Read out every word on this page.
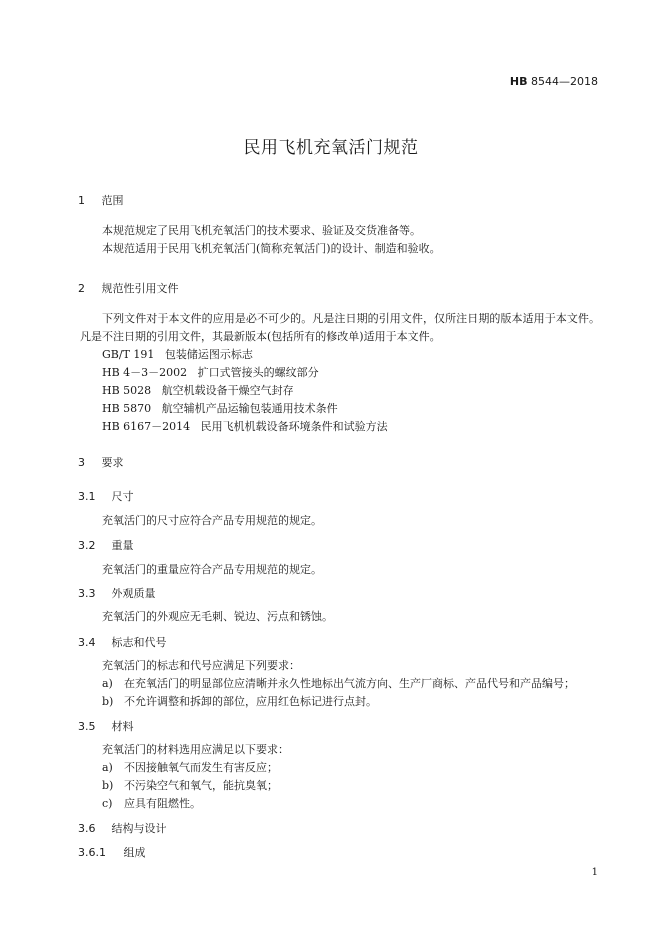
HB 8544—2018
民用飞机充氧活门规范
1 范围
本规范规定了民用飞机充氧活门的技术要求、验证及交货准备等。
本规范适用于民用飞机充氧活门(简称充氧活门)的设计、制造和验收。
2 规范性引用文件
下列文件对于本文件的应用是必不可少的。凡是注日期的引用文件，仅所注日期的版本适用于本文件。凡是不注日期的引用文件，其最新版本(包括所有的修改单)适用于本文件。
GB/T 191 包装储运图示标志
HB 4－3－2002 扩口式管接头的螺纹部分
HB 5028 航空机载设备干燥空气封存
HB 5870 航空辅机产品运输包装通用技术条件
HB 6167－2014 民用飞机机载设备环境条件和试验方法
3 要求
3.1 尺寸
充氧活门的尺寸应符合产品专用规范的规定。
3.2 重量
充氧活门的重量应符合产品专用规范的规定。
3.3 外观质量
充氧活门的外观应无毛刺、锐边、污点和锈蚀。
3.4 标志和代号
充氧活门的标志和代号应满足下列要求：
a) 在充氧活门的明显部位应清晰并永久性地标出气流方向、生产厂商标、产品代号和产品编号；
b) 不允许调整和拆卸的部位，应用红色标记进行点封。
3.5 材料
充氧活门的材料选用应满足以下要求：
a) 不因接触氧气而发生有害反应；
b) 不污染空气和氧气，能抗臭氧；
c) 应具有阻燃性。
3.6 结构与设计
3.6.1 组成
1
